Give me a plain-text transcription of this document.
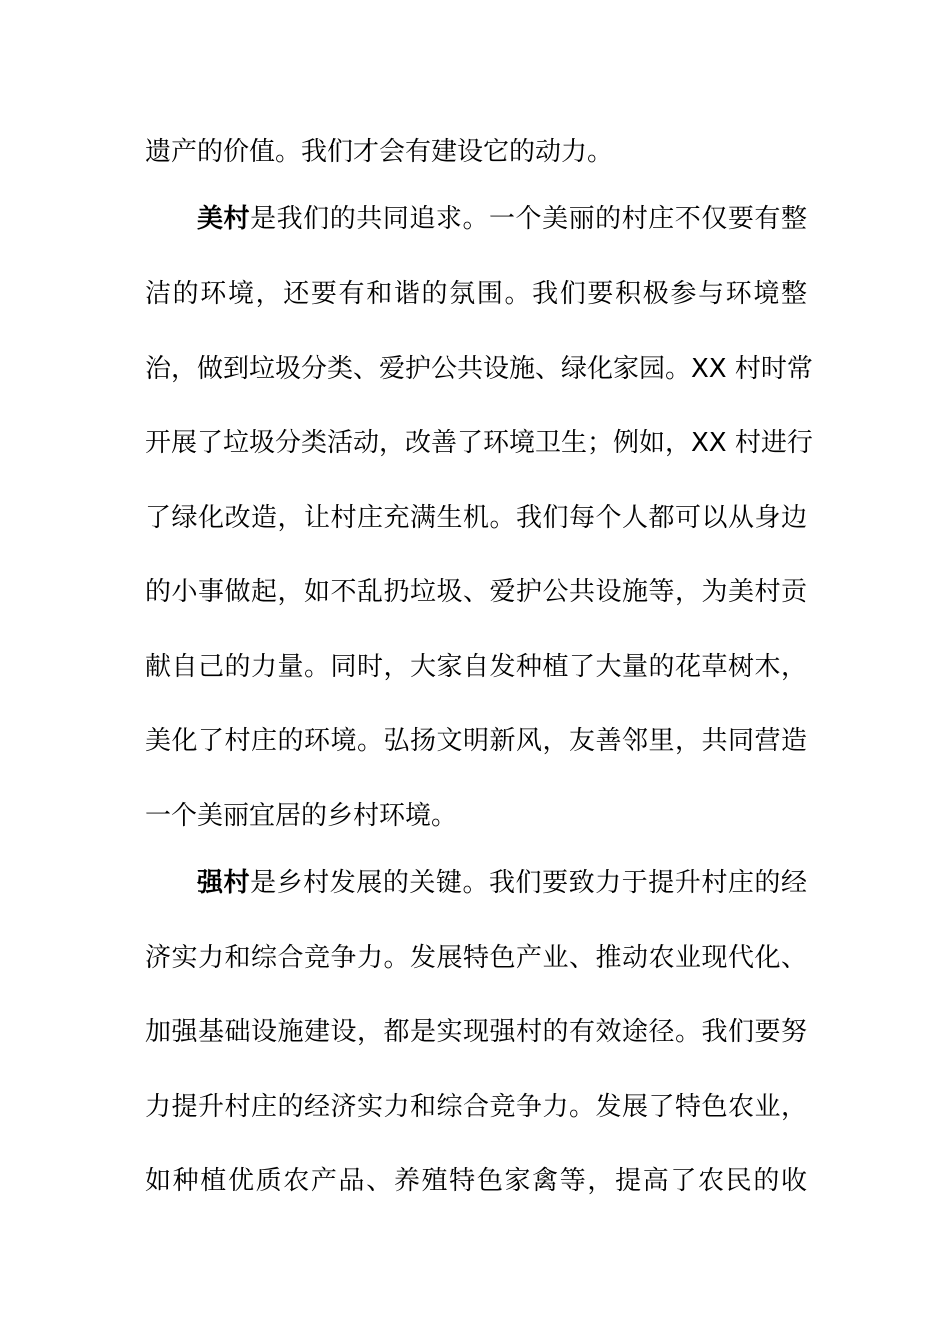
遗产的价值。我们才会有建设它的动力。
美村是我们的共同追求。一个美丽的村庄不仅要有整
洁的环境，还要有和谐的氛围。我们要积极参与环境整
治，做到垃圾分类、爱护公共设施、绿化家园。XX 村时常
开展了垃圾分类活动，改善了环境卫生；例如，XX 村进行
了绿化改造，让村庄充满生机。我们每个人都可以从身边
的小事做起，如不乱扔垃圾、爱护公共设施等，为美村贡
献自己的力量。同时，大家自发种植了大量的花草树木，
美化了村庄的环境。弘扬文明新风，友善邻里，共同营造
一个美丽宜居的乡村环境。
强村是乡村发展的关键。我们要致力于提升村庄的经
济实力和综合竞争力。发展特色产业、推动农业现代化、
加强基础设施建设，都是实现强村的有效途径。我们要努
力提升村庄的经济实力和综合竞争力。发展了特色农业，
如种植优质农产品、养殖特色家禽等，提高了农民的收
